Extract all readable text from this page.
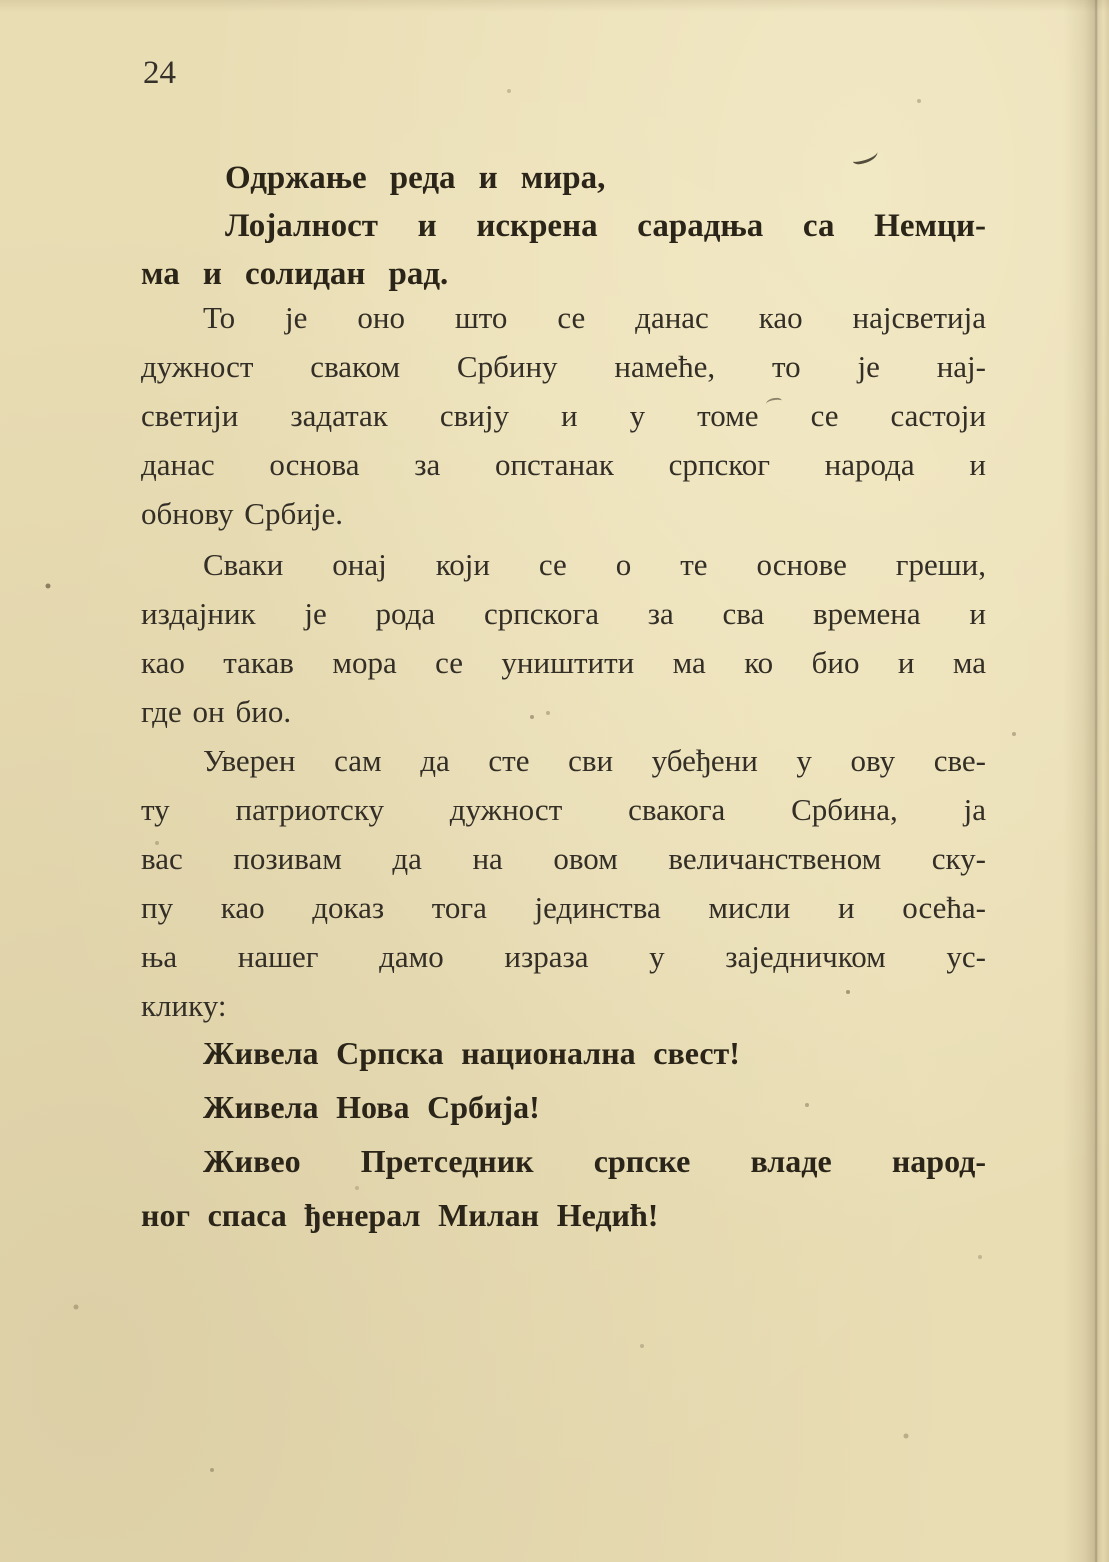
24
Одржање реда и мира,
Лојалност и искрена сарадња са Немци-
ма и солидан рад.
То је оно што се данас као најсветија
дужност сваком Србину намеће, то је нај-
светији задатак свију и у томе се састоји
данас основа за опстанак српског народа и
обнову Србије.
Сваки онај који се о те основе греши,
издајник је рода српскога за сва времена и
као такав мора се уништити ма ко био и ма
где он био.
Уверен сам да сте сви убеђени у ову све-
ту патриотску дужност свакога Србина, ја
вас позивам да на овом величанственом ску-
пу као доказ тога јединства мисли и осећа-
ња нашег дамо израза у заједничком ус-
клику:
Живела Српска национална свест!
Живела Нова Србија!
Живео Претседник српске владе народ-
ног спаса ђенерал Милан Недић!
